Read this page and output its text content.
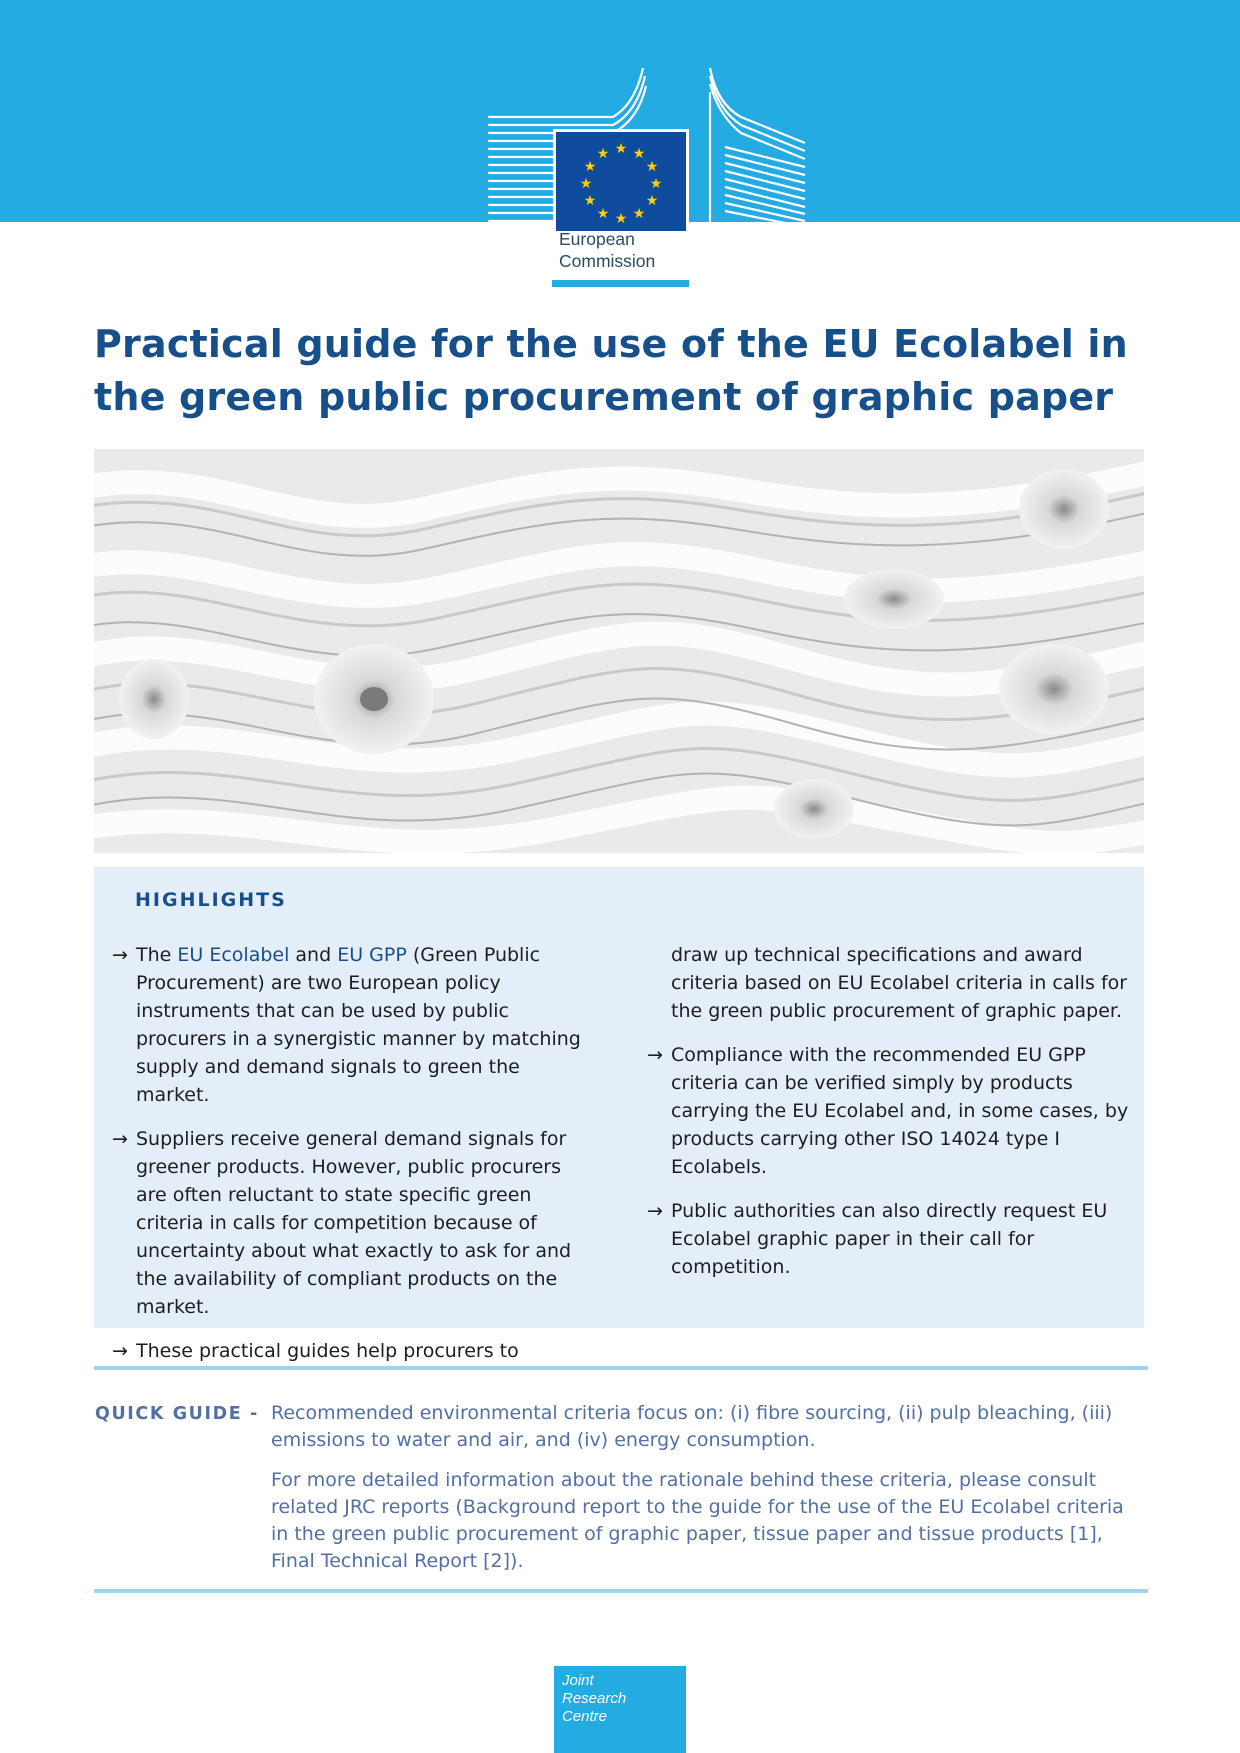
★ ★
★
★
★
★
★
★
★
★
★
★
European
Commission
Practical guide for the use of the EU Ecolabel in the green public procurement of graphic paper
HIGHLIGHTS

→ The EU Ecolabel and EU GPP (Green Public Procurement) are two European policy instruments that can be used by public procurers in a synergistic manner by matching supply and demand signals to green the market.

→ Suppliers receive general demand signals for greener products. However, public procurers are often reluctant to state specific green criteria in calls for competition because of uncertainty about what exactly to ask for and the availability of compliant products on the market.

→ These practical guides help procurers to

draw up technical specifications and award criteria based on EU Ecolabel criteria in calls for the green public procurement of graphic paper.

→ Compliance with the recommended EU GPP criteria can be verified simply by products carrying the EU Ecolabel and, in some cases, by products carrying other ISO 14024 type I Ecolabels.

→ Public authorities can also directly request EU Ecolabel graphic paper in their call for competition.

QUICK GUIDE - Recommended environmental criteria focus on: (i) fibre sourcing, (ii) pulp bleaching, (iii) emissions to water and air, and (iv) energy consumption.

For more detailed information about the rationale behind these criteria, please consult related JRC reports (Background report to the guide for the use of the EU Ecolabel criteria in the green public procurement of graphic paper, tissue paper and tissue products [1], Final Technical Report [2]).

Joint
Research
Centre
